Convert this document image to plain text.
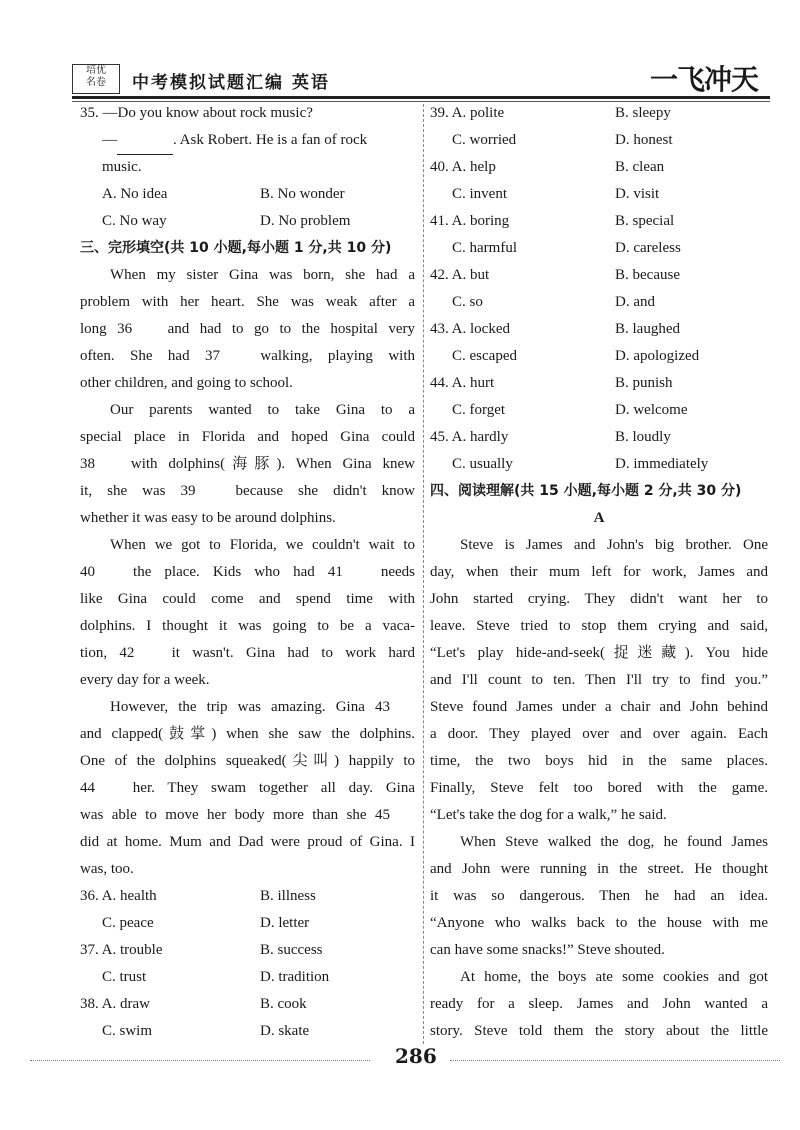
培优
名卷	中考模拟试题汇编 英语	一飞冲天
35. —Do you know about rock music?
—	. Ask Robert. He is a fan of rock
music.
A. No idea	B. No wonder
C. No way	D. No problem
三、完形填空(共 10 小题,每小题 1 分,共 10 分)
When my sister Gina was born, she had a
problem with her heart. She was weak after a
long 36 and had to go to the hospital very
often. She had 37 walking, playing with
other children, and going to school.
Our parents wanted to take Gina to a
special place in Florida and hoped Gina could
38 with dolphins(海豚). When Gina knew
it, she was 39 because she didn't know
whether it was easy to be around dolphins.
When we got to Florida, we couldn't wait to
40 the place. Kids who had 41 needs
like Gina could come and spend time with
dolphins. I thought it was going to be a vaca-
tion, 42 it wasn't. Gina had to work hard
every day for a week.
However, the trip was amazing. Gina 43
and clapped(鼓掌) when she saw the dolphins.
One of the dolphins squeaked(尖叫) happily to
44 her. They swam together all day. Gina
was able to move her body more than she 45
did at home. Mum and Dad were proud of Gina. I
was, too.
36. A. health	B. illness
C. peace	D. letter
37. A. trouble	B. success
C. trust	D. tradition
38. A. draw	B. cook
C. swim	D. skate
39. A. polite	B. sleepy
C. worried	D. honest
40. A. help	B. clean
C. invent	D. visit
41. A. boring	B. special
C. harmful	D. careless
42. A. but	B. because
C. so	D. and
43. A. locked	B. laughed
C. escaped	D. apologized
44. A. hurt	B. punish
C. forget	D. welcome
45. A. hardly	B. loudly
C. usually	D. immediately
四、阅读理解(共 15 小题,每小题 2 分,共 30 分)
A
Steve is James and John's big brother. One
day, when their mum left for work, James and
John started crying. They didn't want her to
leave. Steve tried to stop them crying and said,
“Let's play hide-and-seek(捉迷藏). You hide
and I'll count to ten. Then I'll try to find you.”
Steve found James under a chair and John behind
a door. They played over and over again. Each
time, the two boys hid in the same places.
Finally, Steve felt too bored with the game.
“Let's take the dog for a walk,” he said.
When Steve walked the dog, he found James
and John were running in the street. He thought
it was so dangerous. Then he had an idea.
“Anyone who walks back to the house with me
can have some snacks!” Steve shouted.
At home, the boys ate some cookies and got
ready for a sleep. James and John wanted a
story. Steve told them the story about the little
286
